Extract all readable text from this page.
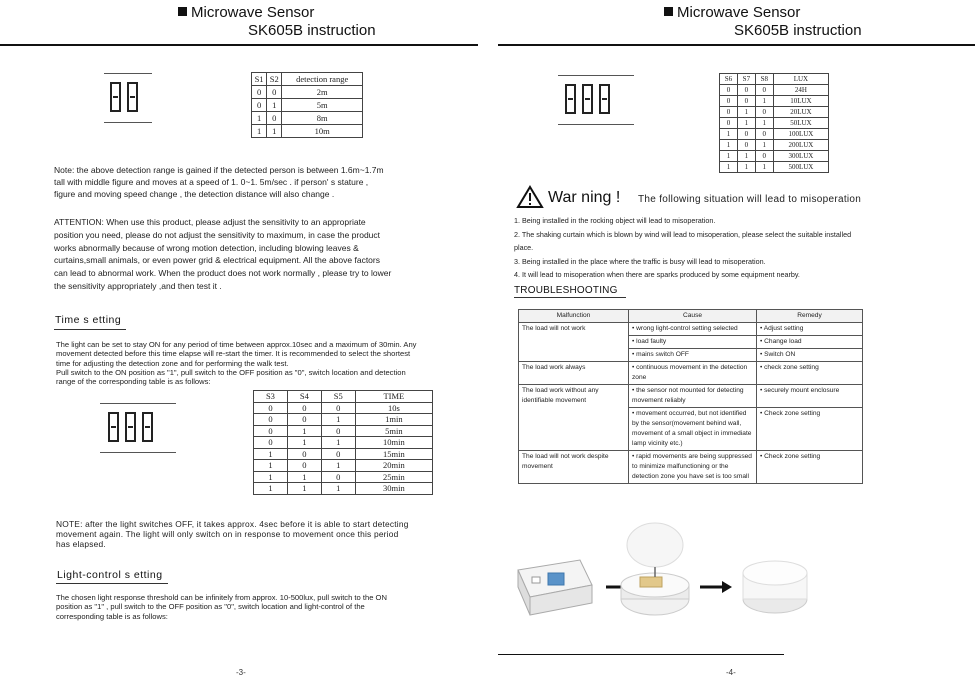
Microwave Sensor
SK605B instruction
S1	S2	detection range
0	0	2m
0	1	5m
1	0	8m
1	1	10m
Note: the above detection range is gained if the detected person is between 1.6m~1.7m
tall with middle figure and moves at a speed of 1. 0~1. 5m/sec . if person' s stature ,
figure and moving speed change , the detection distance will also change .
ATTENTION: When use this product, please adjust the sensitivity to an appropriate
position you need, please do not adjust the sensitivity to maximum, in case the product
works abnormally because of wrong motion detection, including blowing leaves &
curtains,small animals, or even power grid & electrical equipment. All the above factors
can lead to abnormal work. When the product does not work normally , please try to lower
the sensitivity appropriately ,and then test it .
Time s etting
The light can be set to stay ON for any period of time between approx.10sec and a maximum of 30min. Any
movement detected before this time elapse will re-start the timer. It is recommended to select the shortest
time for adjusting the detection zone and for performing the walk test.
Pull switch to the ON position as "1", pull switch to the OFF position as "0", switch location and detection
range of the corresponding table is as follows:
S3	S4	S5	TIME
0	0	0	10s
0	0	1	1min
0	1	0	5min
0	1	1	10min
1	0	0	15min
1	0	1	20min
1	1	0	25min
1	1	1	30min
NOTE: after the light switches OFF, it takes approx. 4sec before it is able to start detecting
movement again. The light will only switch on in response to movement once this period
has elapsed.
Light-control s etting
The chosen light response threshold can be infinitely from approx. 10-500lux, pull switch to the ON
position as "1" , pull switch to the OFF position as "0", switch location and light-control of the
corresponding table is as follows:
-3-
Microwave Sensor
SK605B instruction
S6	S7	S8	LUX
0	0	0	24H
0	0	1	10LUX
0	1	0	20LUX
0	1	1	50LUX
1	0	0	100LUX
1	0	1	200LUX
1	1	0	300LUX
1	1	1	500LUX
War ning ! The following situation will lead to misoperation
1. Being installed in the rocking object will lead to misoperation.
2. The shaking curtain which is blown by wind will lead to misoperation, please select the suitable installed
place.
3. Being installed in the place where the traffic is busy will lead to misoperation.
4. It will lead to misoperation when there are sparks produced by some equipment nearby.
TROUBLESHOOTING
Malfunction	Cause	Remedy
The load will not work	• wrong light-control setting selected	• Adjust setting
	• load faulty	• Change load
	• mains switch OFF	• Switch ON
The load work always	• continuous movement in the detection zone	• check zone setting
The load work without any identifiable movement	• the sensor not mounted for detecting movement reliably	• securely mount enclosure
	• movement occurred, but not identified by the sensor(movement behind wall, movement of a small object in immediate lamp vicinity etc.)	• Check zone setting
The load will not work despite movement	• rapid movements are being suppressed to minimize malfunctioning or the detection zone you have set is too small	• Check zone setting
-4-
